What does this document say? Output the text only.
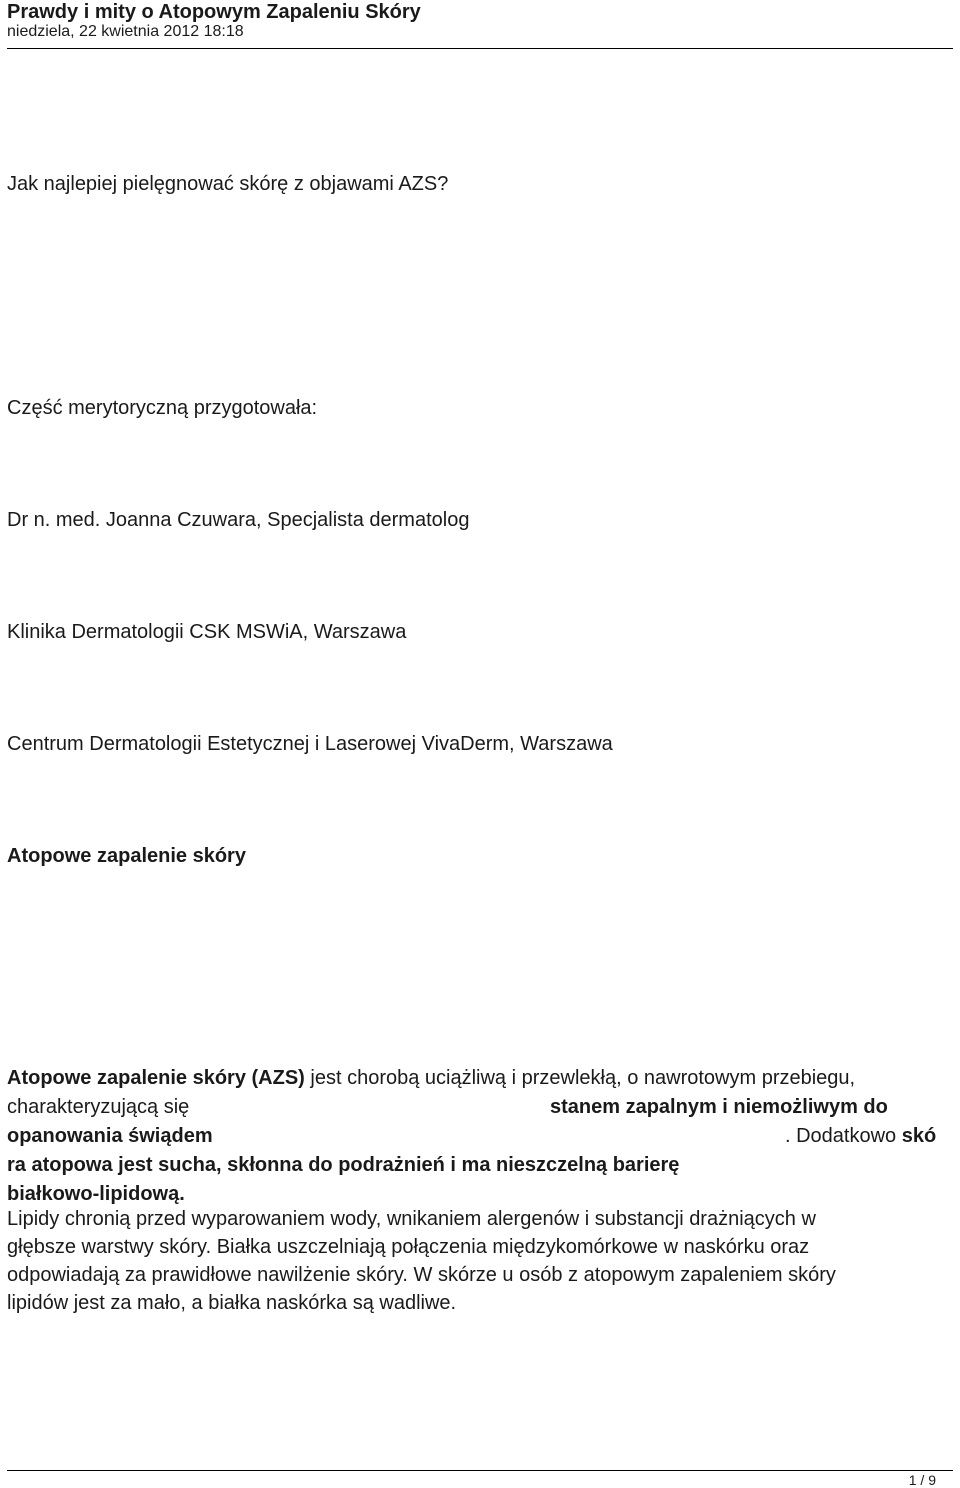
Prawdy i mity o Atopowym Zapaleniu Skóry
niedziela, 22 kwietnia 2012 18:18
Jak najlepiej pielęgnować skórę z objawami AZS?
Część merytoryczną przygotowała:
Dr n. med. Joanna Czuwara, Specjalista dermatolog
Klinika Dermatologii CSK MSWiA, Warszawa
Centrum Dermatologii Estetycznej i Laserowej VivaDerm, Warszawa
Atopowe zapalenie skóry
Atopowe zapalenie skóry (AZS) jest chorobą uciążliwą i przewlekłą, o nawrotowym przebiegu,
charakteryzującą się	stanem zapalnym i niemożliwym do
opanowania świądem	. Dodatkowo skó
ra atopowa jest sucha, skłonna do podrażnień i ma nieszczelną barierę
białkowo-lipidową.
Lipidy chronią przed wyparowaniem wody, wnikaniem alergenów i substancji drażniących w
głębsze warstwy skóry. Białka uszczelniają połączenia międzykomórkowe w naskórku oraz
odpowiadają za prawidłowe nawilżenie skóry. W skórze u osób z atopowym zapaleniem skóry
lipidów jest za mało, a białka naskórka są wadliwe.
1 / 9
